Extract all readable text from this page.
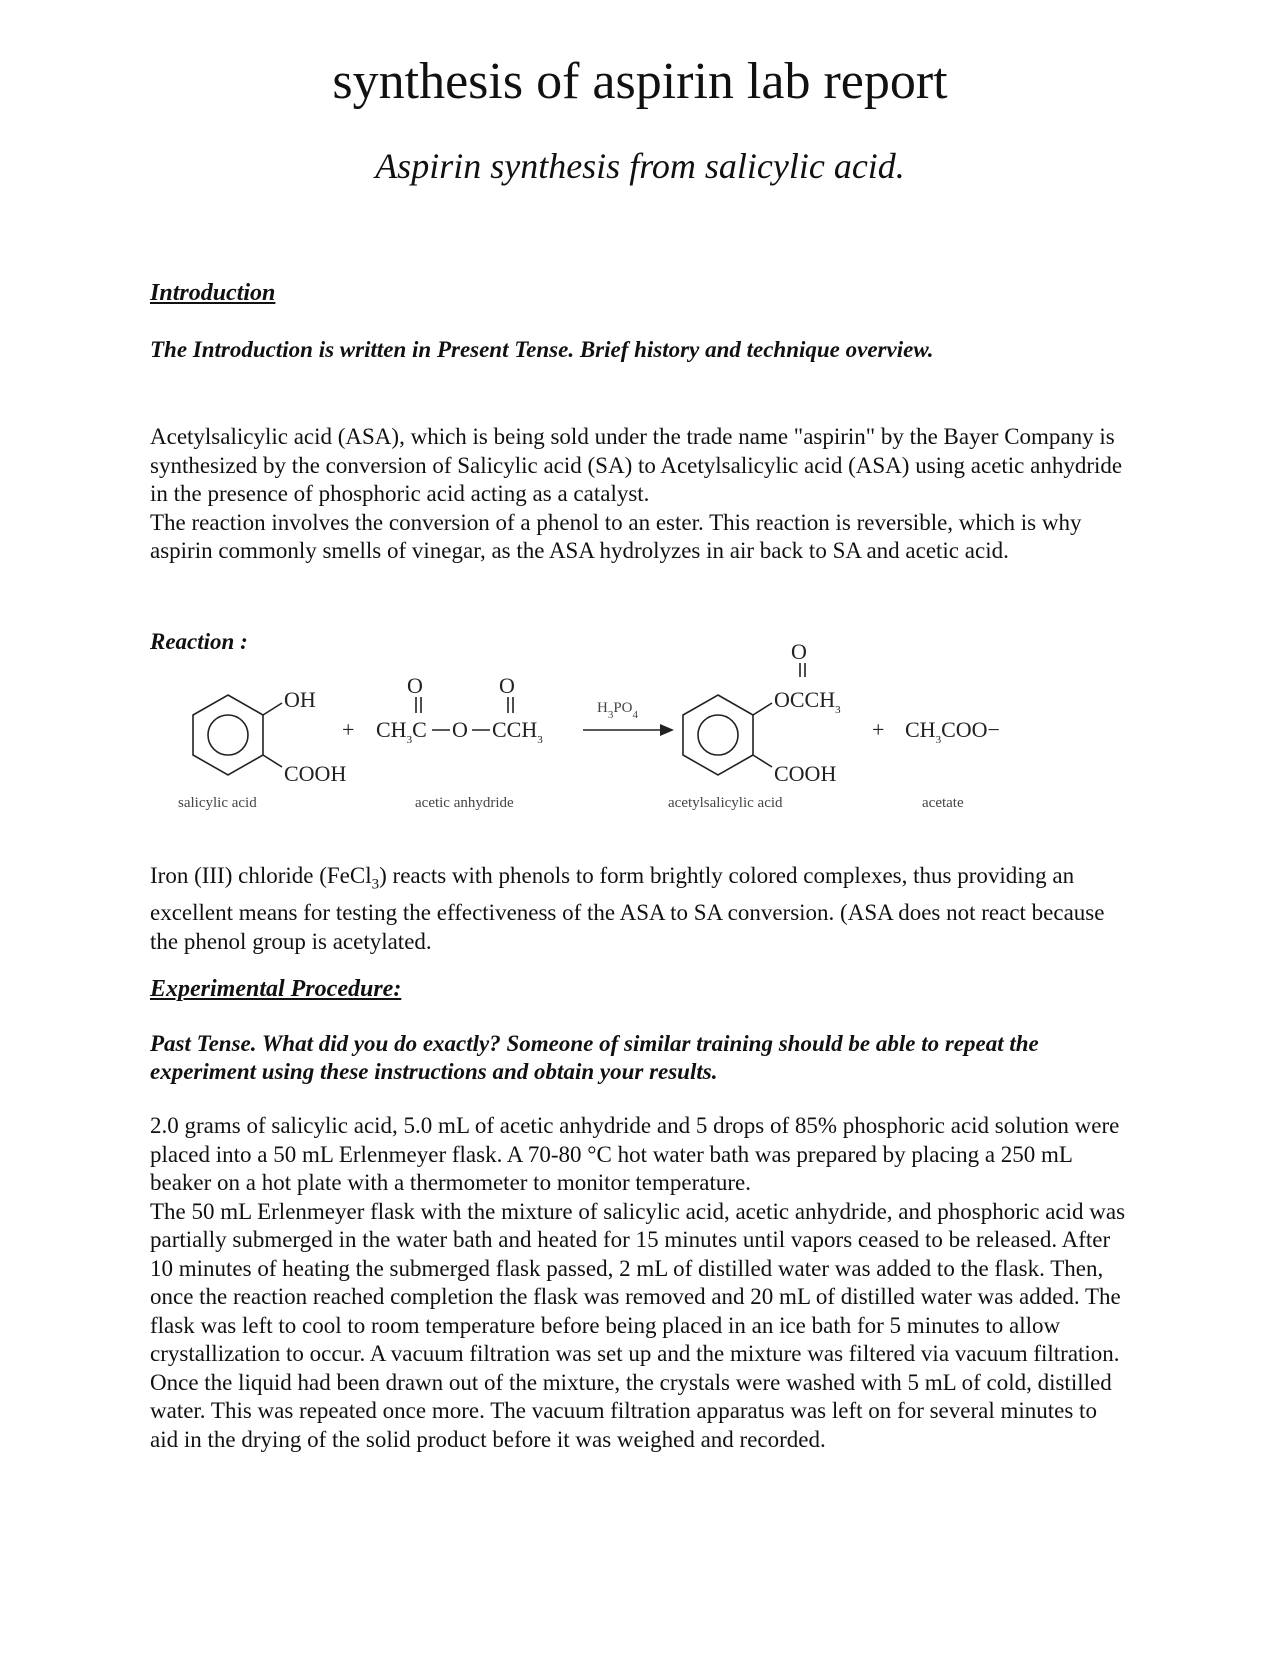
synthesis of aspirin lab report
Aspirin synthesis from salicylic acid.
Introduction
The Introduction is written in Present Tense. Brief history and technique overview.

Acetylsalicylic acid (ASA), which is being sold under the trade name "aspirin" by the Bayer Company is synthesized by the conversion of Salicylic acid (SA) to Acetylsalicylic acid (ASA) using acetic anhydride in the presence of phosphoric acid acting as a catalyst.

The reaction involves the conversion of a phenol to an ester. This reaction is reversible, which is why aspirin commonly smells of vinegar, as the ASA hydrolyzes in air back to SA and acetic acid.

Reaction :
OH
COOH
salicylic acid
+
O	O
$CH_3C$ O $CCH_3$
acetic anhydride
$H_3PO_4$
O
$OCCH_3$
COOH
acetylsalicylic acid
+ $CH_3COO-$
acetate

Iron (III) chloride (FeCl$_3$) reacts with phenols to form brightly colored complexes, thus providing an excellent means for testing the effectiveness of the ASA to SA conversion. (ASA does not react because the phenol group is acetylated.

Experimental Procedure:
Past Tense. What did you do exactly? Someone of similar training should be able to repeat the experiment using these instructions and obtain your results.

2.0 grams of salicylic acid, 5.0 mL of acetic anhydride and 5 drops of 85% phosphoric acid solution were placed into a 50 mL Erlenmeyer flask. A 70-80 °C hot water bath was prepared by placing a 250 mL beaker on a hot plate with a thermometer to monitor temperature.

The 50 mL Erlenmeyer flask with the mixture of salicylic acid, acetic anhydride, and phosphoric acid was partially submerged in the water bath and heated for 15 minutes until vapors ceased to be released. After 10 minutes of heating the submerged flask passed, 2 mL of distilled water was added to the flask. Then, once the reaction reached completion the flask was removed and 20 mL of distilled water was added. The flask was left to cool to room temperature before being placed in an ice bath for 5 minutes to allow crystallization to occur. A vacuum filtration was set up and the mixture was filtered via vacuum filtration. Once the liquid had been drawn out of the mixture, the crystals were washed with 5 mL of cold, distilled water. This was repeated once more. The vacuum filtration apparatus was left on for several minutes to aid in the drying of the solid product before it was weighed and recorded.
